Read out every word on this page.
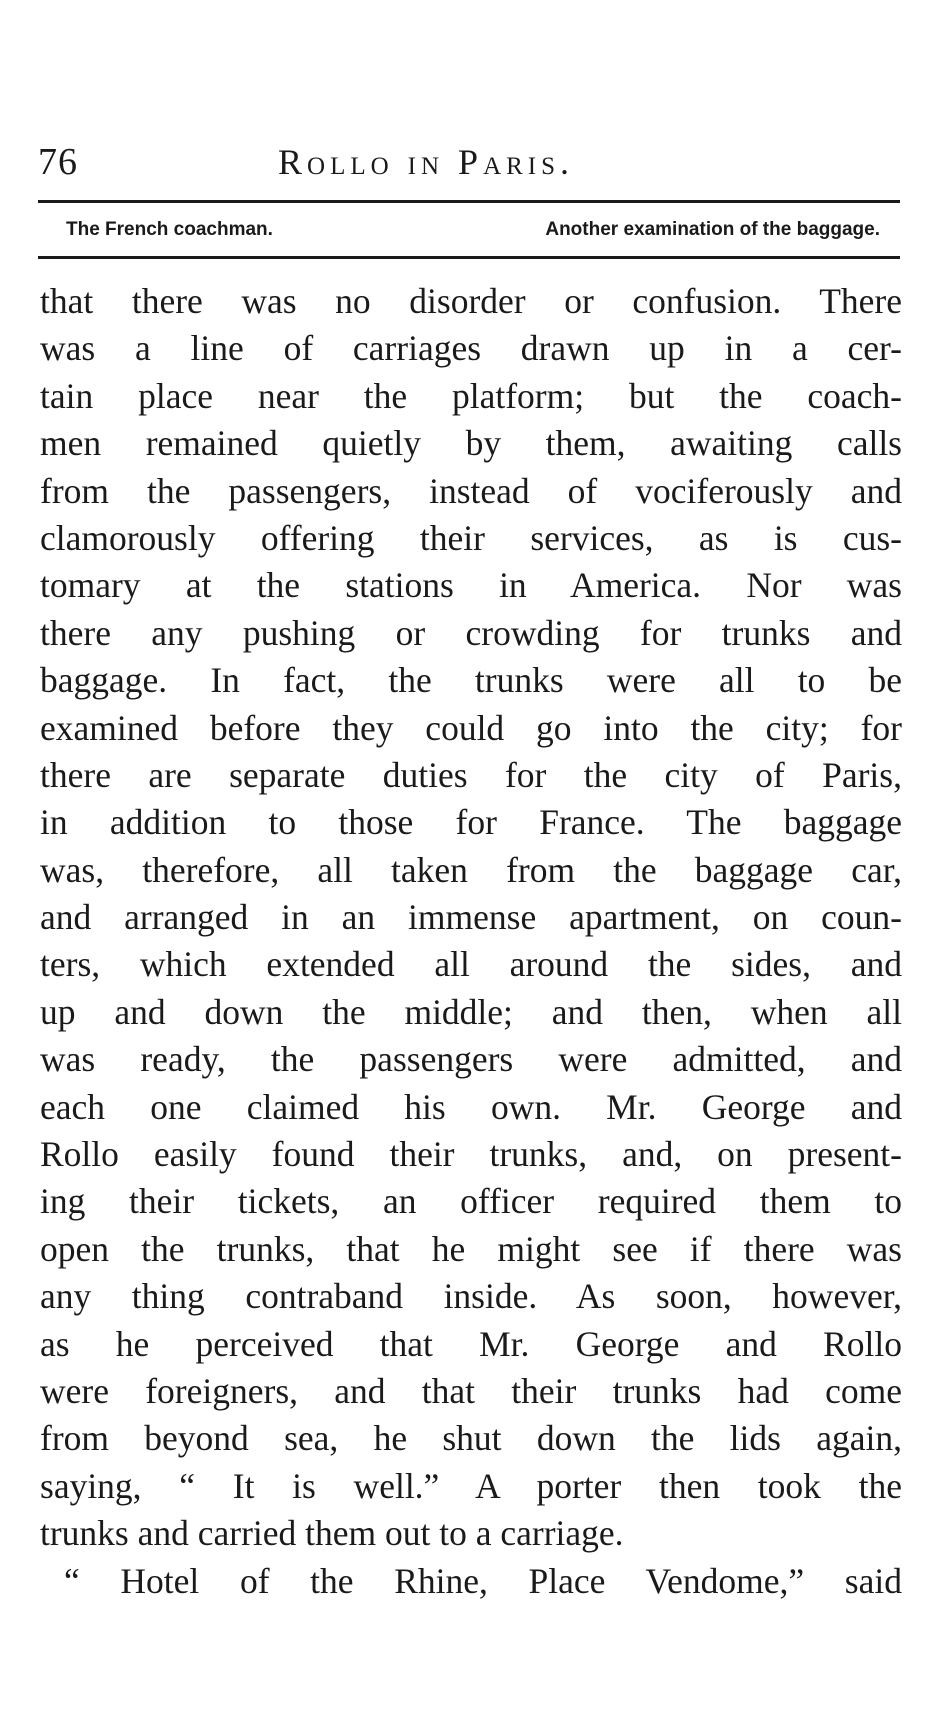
76	Rollo in Paris.
The French coachman.	Another examination of the baggage.
that there was no disorder or confusion. There
was a line of carriages drawn up in a cer-
tain place near the platform; but the coach-
men remained quietly by them, awaiting calls
from the passengers, instead of vociferously and
clamorously offering their services, as is cus-
tomary at the stations in America. Nor was
there any pushing or crowding for trunks and
baggage. In fact, the trunks were all to be
examined before they could go into the city; for
there are separate duties for the city of Paris,
in addition to those for France. The baggage
was, therefore, all taken from the baggage car,
and arranged in an immense apartment, on coun-
ters, which extended all around the sides, and
up and down the middle; and then, when all
was ready, the passengers were admitted, and
each one claimed his own. Mr. George and
Rollo easily found their trunks, and, on present-
ing their tickets, an officer required them to
open the trunks, that he might see if there was
any thing contraband inside. As soon, however,
as he perceived that Mr. George and Rollo
were foreigners, and that their trunks had come
from beyond sea, he shut down the lids again,
saying, “ It is well.” A porter then took the
trunks and carried them out to a carriage.
“ Hotel of the Rhine, Place Vendome,” said
